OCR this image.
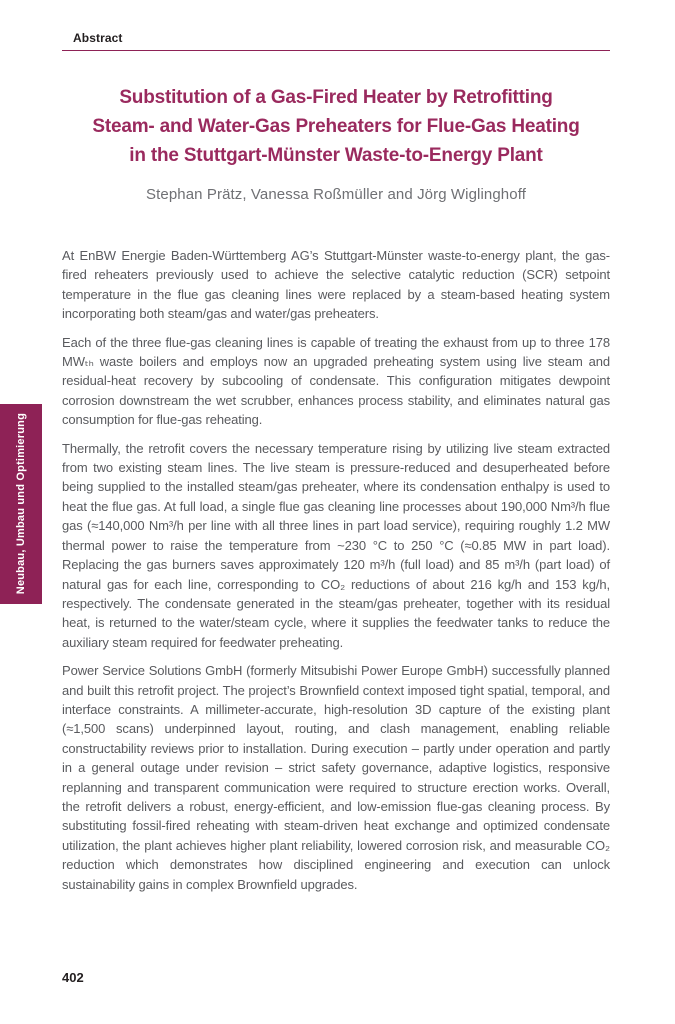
Abstract
Substitution of a Gas-Fired Heater by Retrofitting
Steam- and Water-Gas Preheaters for Flue-Gas Heating
in the Stuttgart-Münster Waste-to-Energy Plant
Stephan Prätz, Vanessa Roßmüller and Jörg Wiglinghoff

At EnBW Energie Baden-Württemberg AG’s Stuttgart-Münster waste-to-energy plant, the gas-fired reheaters previously used to achieve the selective catalytic reduction (SCR) setpoint temperature in the flue gas cleaning lines were replaced by a steam-based heating system incorporating both steam/gas and water/gas preheaters.

Each of the three flue-gas cleaning lines is capable of treating the exhaust from up to three 178 MWₜₕ waste boilers and employs now an upgraded preheating system using live steam and residual-heat recovery by subcooling of condensate. This configuration mitigates dewpoint corrosion downstream the wet scrubber, enhances process stability, and eliminates natural gas consumption for flue-gas reheating.

Thermally, the retrofit covers the necessary temperature rising by utilizing live steam extracted from two existing steam lines. The live steam is pressure-reduced and desuperheated before being supplied to the installed steam/gas preheater, where its condensation enthalpy is used to heat the flue gas. At full load, a single flue gas cleaning line processes about 190,000 Nm³/h flue gas (≈140,000 Nm³/h per line with all three lines in part load service), requiring roughly 1.2 MW thermal power to raise the temperature from ~230 °C to 250 °C (≈0.85 MW in part load). Replacing the gas burners saves approximately 120 m³/h (full load) and 85 m³/h (part load) of natural gas for each line, corresponding to CO₂ reductions of about 216 kg/h and 153 kg/h, respectively. The condensate generated in the steam/gas preheater, together with its residual heat, is returned to the water/steam cycle, where it supplies the feedwater tanks to reduce the auxiliary steam required for feedwater preheating.

Power Service Solutions GmbH (formerly Mitsubishi Power Europe GmbH) successfully planned and built this retrofit project. The project’s Brownfield context imposed tight spatial, temporal, and interface constraints. A millimeter-accurate, high-resolution 3D capture of the existing plant (≈1,500 scans) underpinned layout, routing, and clash management, enabling reliable constructability reviews prior to installation. During execution – partly under operation and partly in a general outage under revision – strict safety governance, adaptive logistics, responsive replanning and transparent communication were required to structure erection works. Overall, the retrofit delivers a robust, energy-efficient, and low-emission flue-gas cleaning process. By substituting fossil-fired reheating with steam-driven heat exchange and optimized condensate utilization, the plant achieves higher plant reliability, lowered corrosion risk, and measurable CO₂ reduction which demonstrates how disciplined engineering and execution can unlock sustainability gains in complex Brownfield upgrades.

Neubau, Umbau und Optimierung
402
